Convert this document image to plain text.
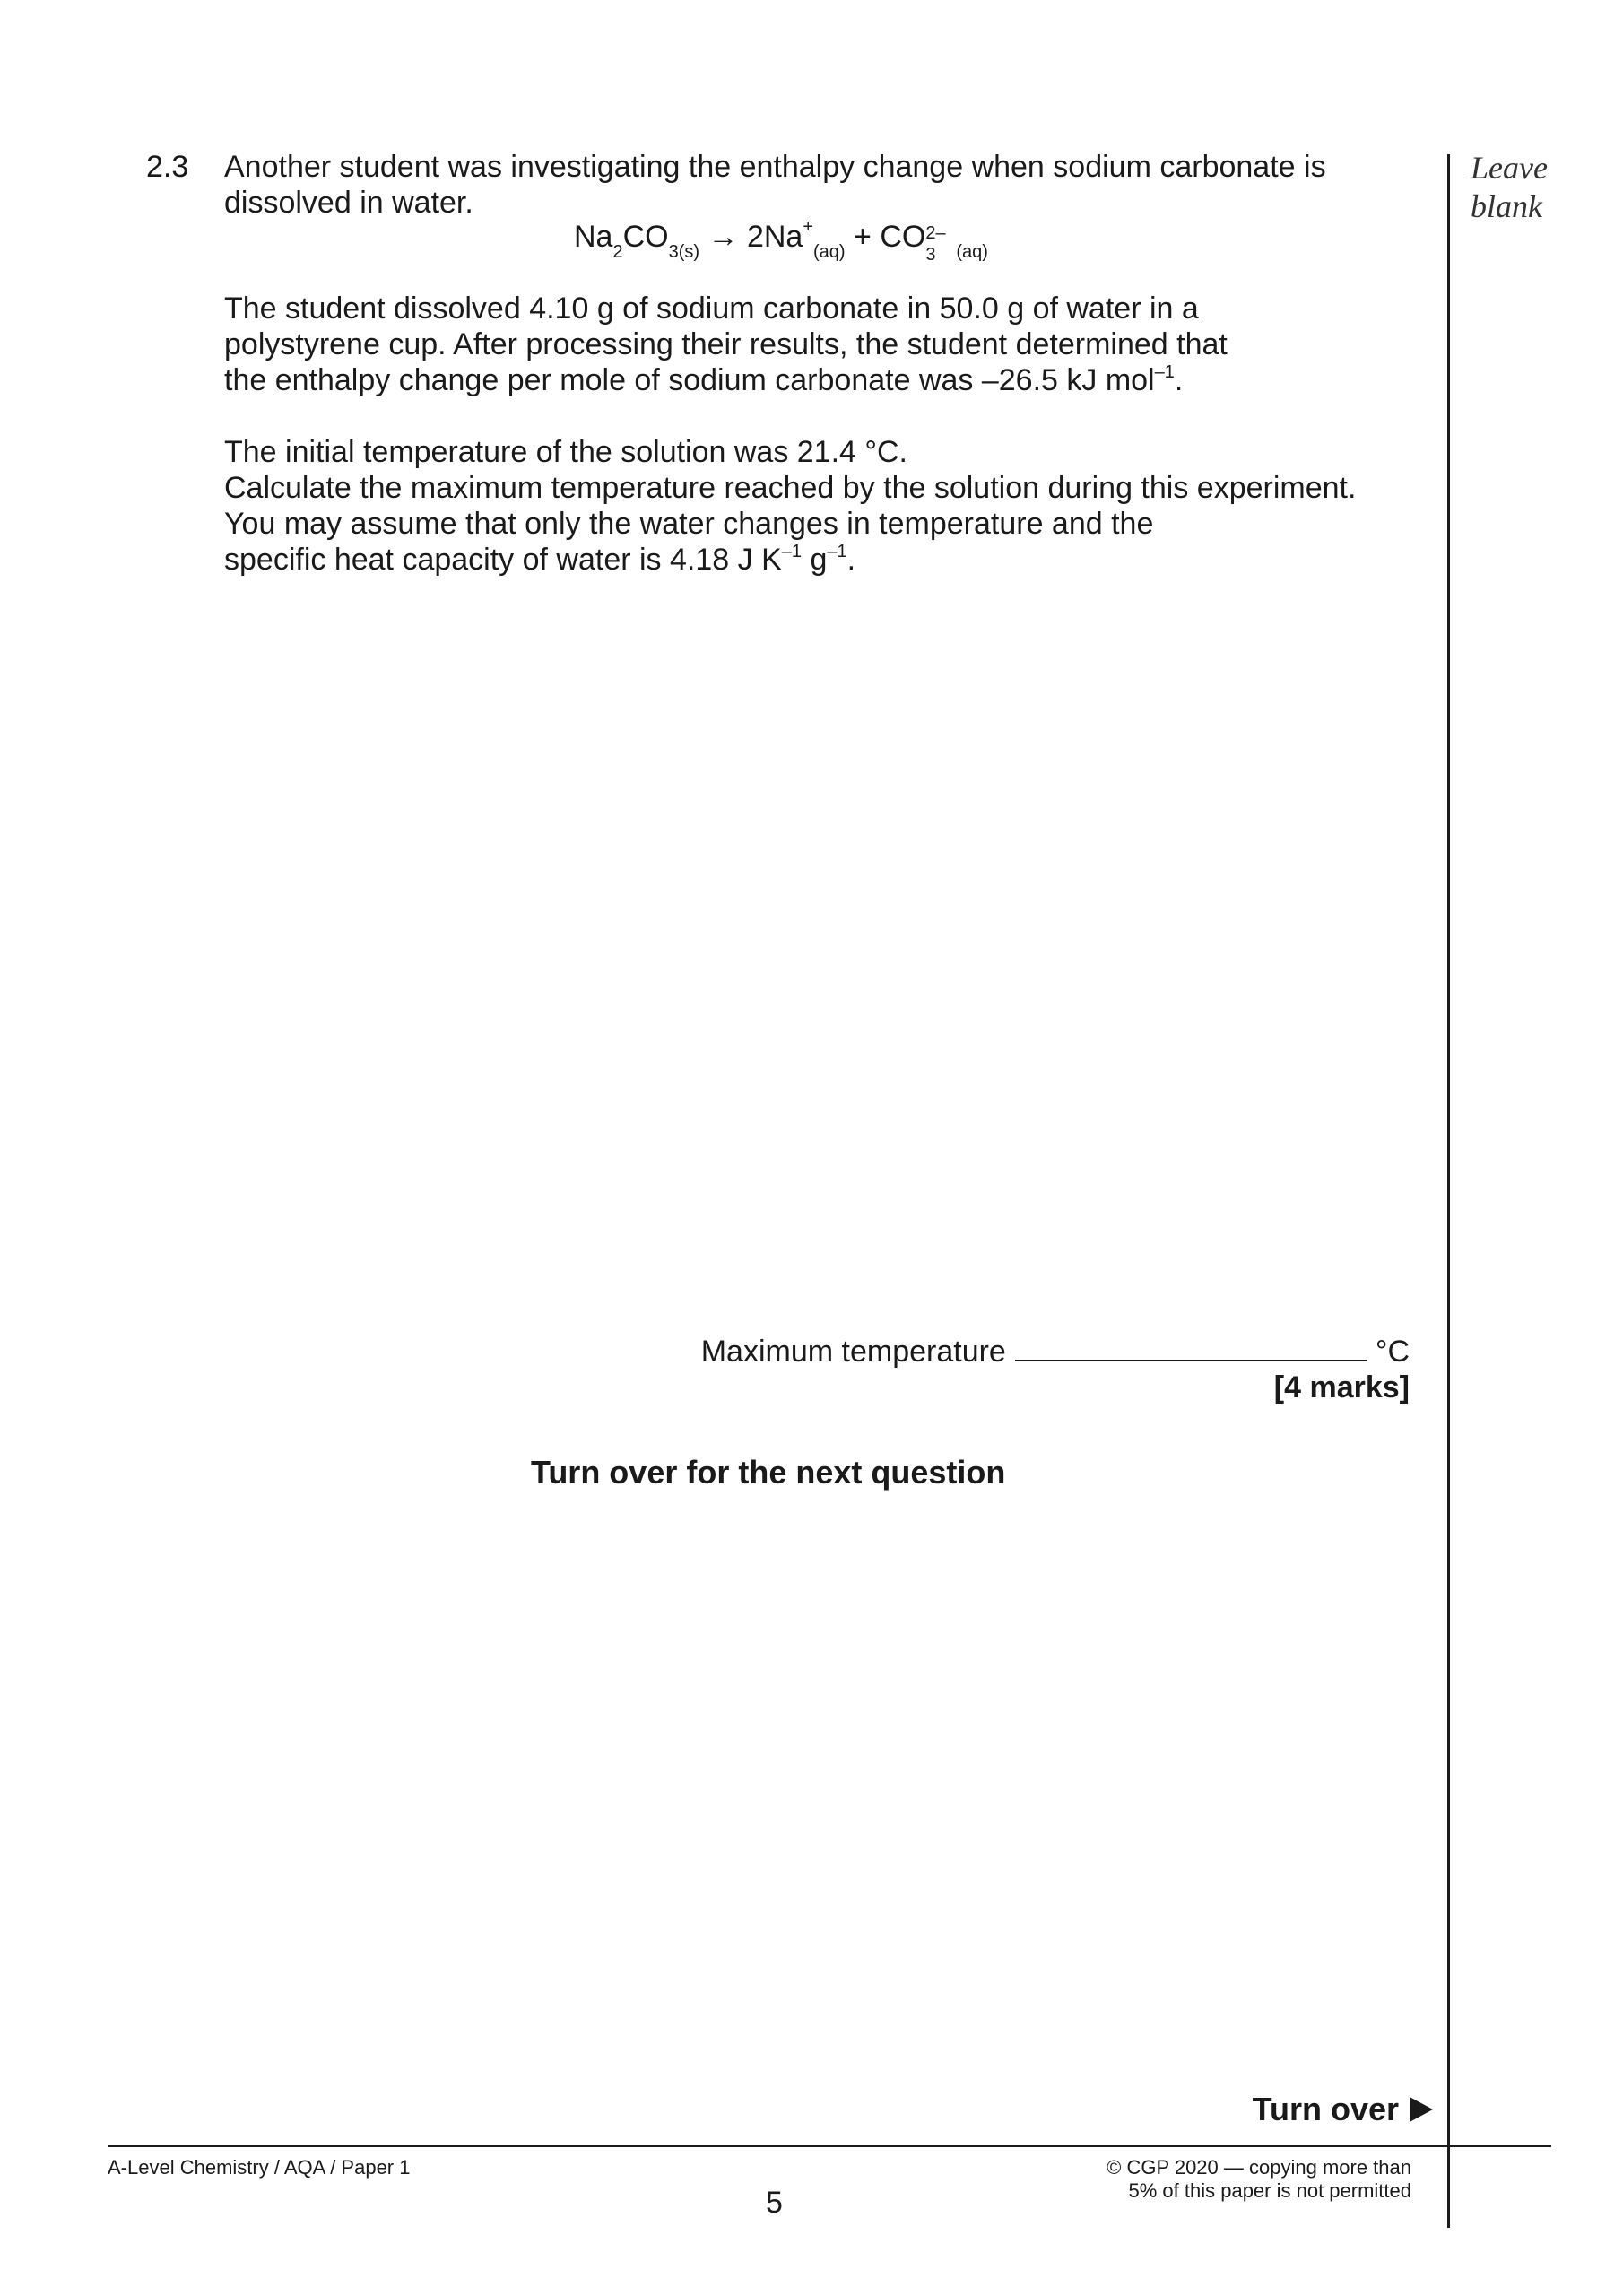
Leave
blank
2.3 Another student was investigating the enthalpy change when sodium carbonate is
dissolved in water.
$Na_2CO_{3(s)} \to 2Na^+_{(aq)}$ + CO 2–
3 $_{(aq)}$
The student dissolved 4.10 g of sodium carbonate in 50.0 g of water in a
polystyrene cup. After processing their results, the student determined that
the enthalpy change per mole of sodium carbonate was –26.5 kJ mol$^{-1}$.
The initial temperature of the solution was 21.4 °C.
Calculate the maximum temperature reached by the solution during this experiment.
You may assume that only the water changes in temperature and the
specific heat capacity of water is 4.18 J $K^{-1}$ $g^{-1}$.
Maximum temperature	°C
[4 marks]
Turn over for the next question
Turn over
A-Level Chemistry / AQA / Paper 1
5
© CGP 2020 — copying more than
5% of this paper is not permitted
